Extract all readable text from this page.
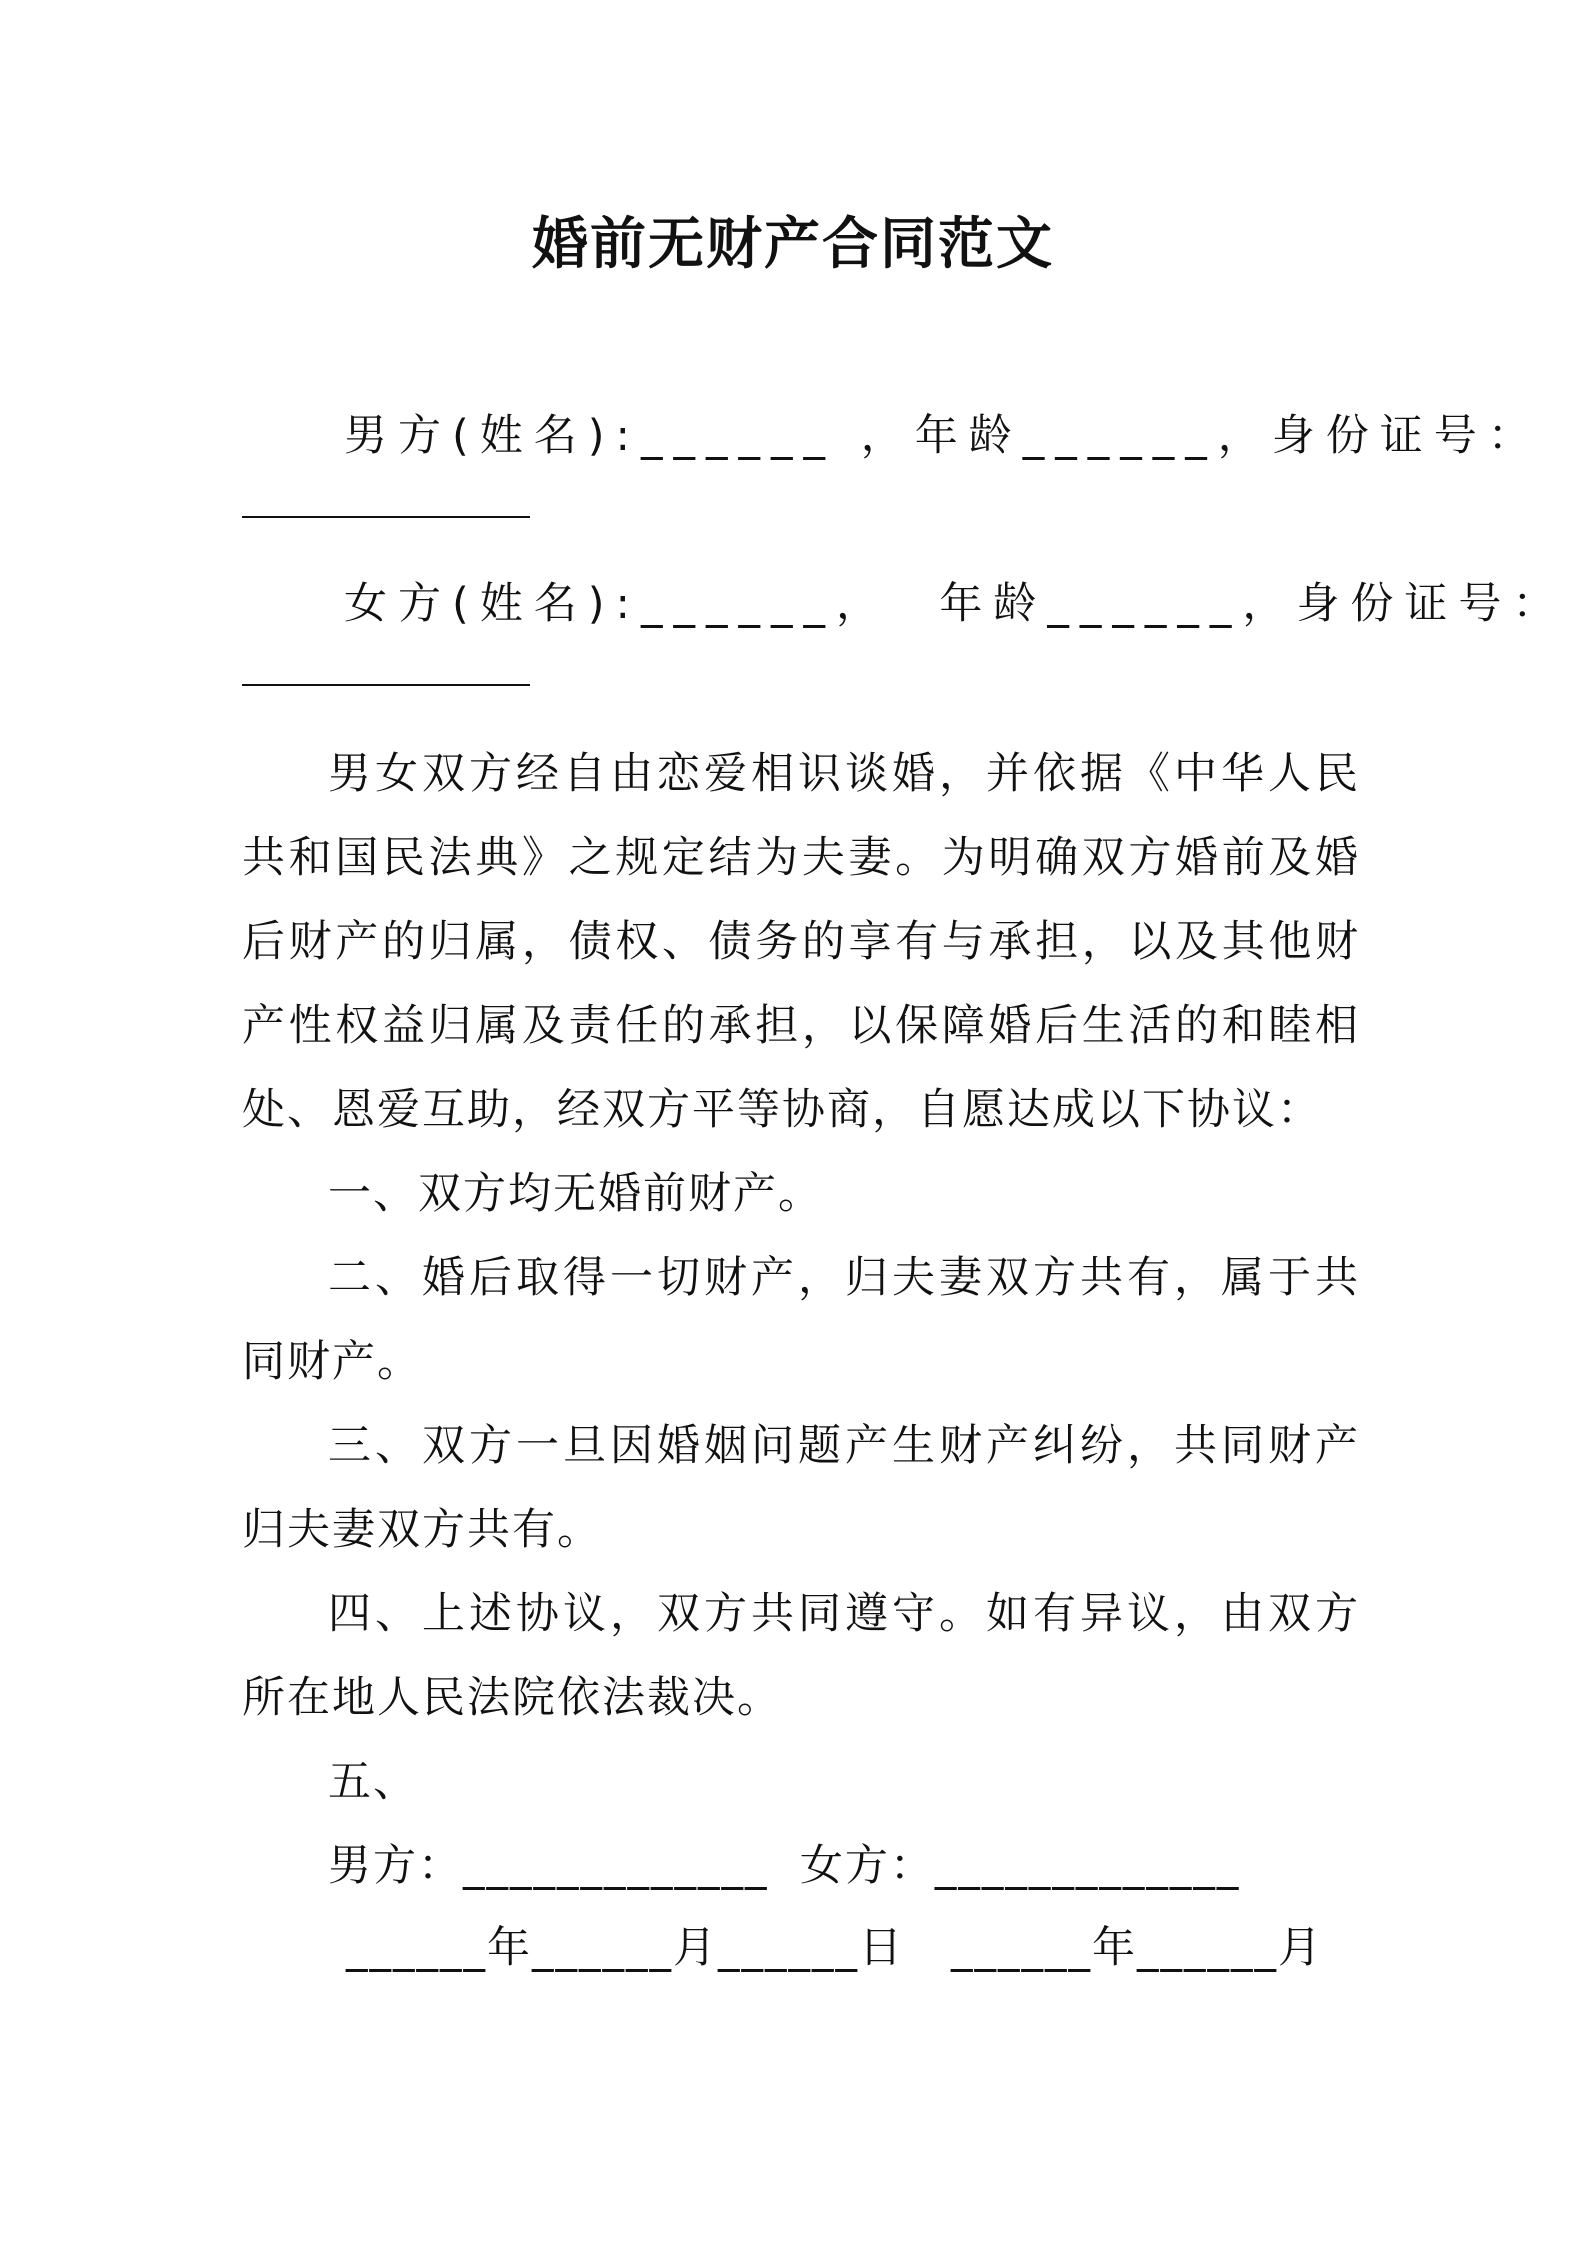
婚前无财产合同范文
男方(姓名):______ ，年龄______，身份证号：
女方(姓名):______，  年龄______，身份证号：

男女双方经自由恋爱相识谈婚，并依据《中华人民共和国民法典》之规定结为夫妻。为明确双方婚前及婚后财产的归属，债权、债务的享有与承担，以及其他财产性权益归属及责任的承担，以保障婚后生活的和睦相处、恩爱互助，经双方平等协商，自愿达成以下协议：

一、双方均无婚前财产。

二、婚后取得一切财产，归夫妻双方共有，属于共同财产。

三、双方一旦因婚姻问题产生财产纠纷，共同财产归夫妻双方共有。

四、上述协议，双方共同遵守。如有异议，由双方所在地人民法院依法裁决。

五、

男方：_____________  女方：_____________
______年______月______日   ______年______月
